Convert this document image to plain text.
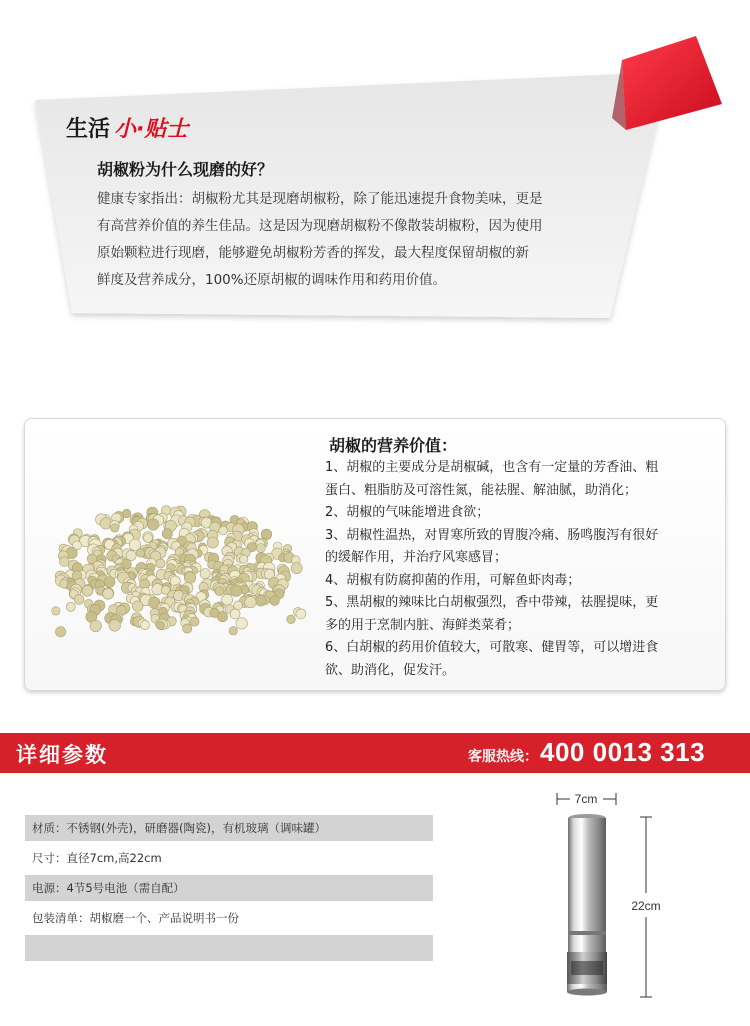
生活 小·贴士
胡椒粉为什么现磨的好？
健康专家指出：胡椒粉尤其是现磨胡椒粉，除了能迅速提升食物美味，更是
有高营养价值的养生佳品。这是因为现磨胡椒粉不像散装胡椒粉，因为使用
原始颗粒进行现磨，能够避免胡椒粉芳香的挥发，最大程度保留胡椒的新
鲜度及营养成分，100%还原胡椒的调味作用和药用价值。
胡椒的营养价值：
1、胡椒的主要成分是胡椒碱，也含有一定量的芳香油、粗
蛋白、粗脂肪及可溶性氮，能祛腥、解油腻，助消化；
2、胡椒的气味能增进食欲；
3、胡椒性温热，对胃寒所致的胃腹冷痛、肠鸣腹泻有很好
的缓解作用，并治疗风寒感冒；
4、胡椒有防腐抑菌的作用，可解鱼虾肉毒；
5、黑胡椒的辣味比白胡椒强烈，香中带辣，祛腥提味，更
多的用于烹制内脏、海鲜类菜肴；
6、白胡椒的药用价值较大，可散寒、健胃等，可以增进食
欲、助消化，促发汗。
详细参数	客服热线： 400 0013 313
材质：不锈钢(外壳)，研磨器(陶瓷)，有机玻璃（调味罐）
尺寸：直径7cm,高22cm
电源：4节5号电池（需自配）
包装清单：胡椒磨一个、产品说明书一份
7cm
22cm
